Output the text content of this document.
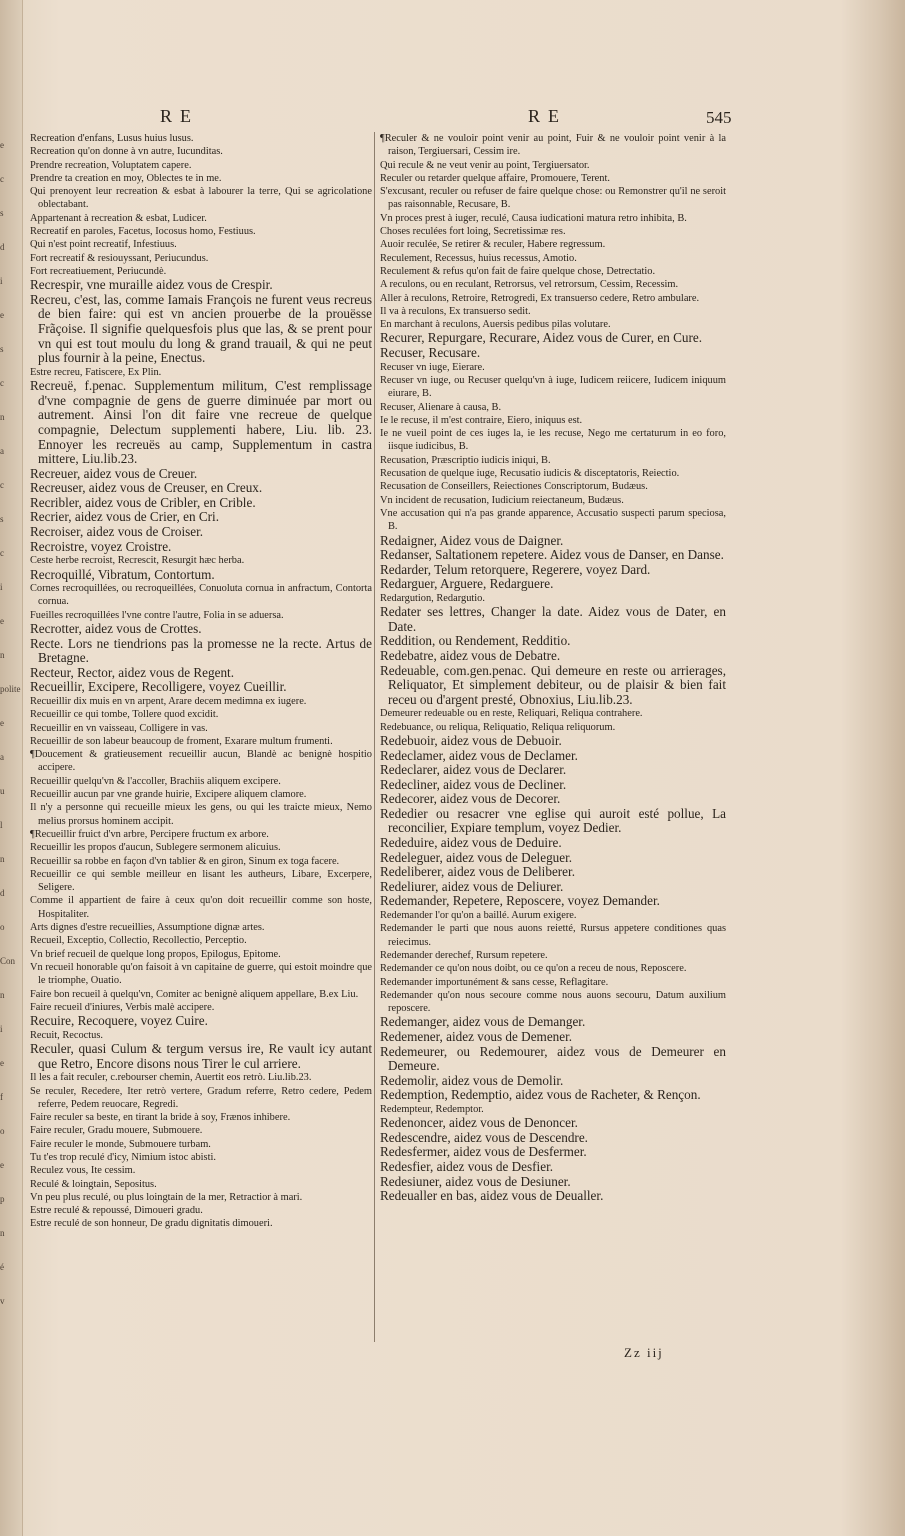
e
c
s
d
i
e
s
c
n
a
c
s
c
i
e
n
polite
e
a
u
l
n
d
o
Con
n
i
e
f
o
e
p
n
é
v
RE	RE	545

Recreation d'enfans, Lusus huius lusus.

Recreation qu'on donne à vn autre, Iucunditas.

Prendre recreation, Voluptatem capere.

Prendre ta creation en moy, Oblectes te in me.

Qui prenoyent leur recreation & esbat à labourer la terre, Qui se agricolatione oblectabant.

Appartenant à recreation & esbat, Ludicer.

Recreatif en paroles, Facetus, Iocosus homo, Festiuus.

Qui n'est point recreatif, Infestiuus.

Fort recreatif & resiouyssant, Periucundus.

Fort recreatiuement, Periucundè.

Recrespir, vne muraille aidez vous de Crespir.

Recreu, c'est, las, comme Iamais François ne furent veus recreus de bien faire: qui est vn ancien prouerbe de la prouësse Frãçoise. Il signifie quelquesfois plus que las, & se prent pour vn qui est tout moulu du long & grand trauail, & qui ne peut plus fournir à la peine, Enectus.

Estre recreu, Fatiscere, Ex Plin.

Recreuë, f.penac. Supplementum militum, C'est remplissage d'vne compagnie de gens de guerre diminuée par mort ou autrement. Ainsi l'on dit faire vne recreue de quelque compagnie, Delectum supplementi habere, Liu. lib. 23. Ennoyer les recreuës au camp, Supplementum in castra mittere, Liu.lib.23.

Recreuer, aidez vous de Creuer.

Recreuser, aidez vous de Creuser, en Creux.

Recribler, aidez vous de Cribler, en Crible.

Recrier, aidez vous de Crier, en Cri.

Recroiser, aidez vous de Croiser.

Recroistre, voyez Croistre.

Ceste herbe recroist, Recrescit, Resurgit hæc herba.

Recroquillé, Vibratum, Contortum.

Cornes recroquillées, ou recroqueillées, Conuoluta cornua in anfractum, Contorta cornua.

Fueilles recroquillées l'vne contre l'autre, Folia in se aduersa.

Recrotter, aidez vous de Crottes.

Recte. Lors ne tiendrions pas la promesse ne la recte. Artus de Bretagne.

Recteur, Rector, aidez vous de Regent.

Recueillir, Excipere, Recolligere, voyez Cueillir.

Recueillir dix muis en vn arpent, Arare decem medimna ex iugere.

Recueillir ce qui tombe, Tollere quod excidit.

Recueillir en vn vaisseau, Colligere in vas.

Recueillir de son labeur beaucoup de froment, Exarare multum frumenti.

¶Doucement & gratieusement recueillir aucun, Blandè ac benignè hospitio accipere.

Recueillir quelqu'vn & l'accoller, Brachiis aliquem excipere.

Recueillir aucun par vne grande huirie, Excipere aliquem clamore.

Il n'y a personne qui recueille mieux les gens, ou qui les traicte mieux, Nemo melius prorsus hominem accipit.

¶Recueillir fruict d'vn arbre, Percipere fructum ex arbore.

Recueillir les propos d'aucun, Sublegere sermonem alicuius.

Recueillir sa robbe en façon d'vn tablier & en giron, Sinum ex toga facere.

Recueillir ce qui semble meilleur en lisant les autheurs, Libare, Excerpere, Seligere.

Comme il appartient de faire à ceux qu'on doit recueillir comme son hoste, Hospitaliter.

Arts dignes d'estre recueillies, Assumptione dignæ artes.

Recueil, Exceptio, Collectio, Recollectio, Perceptio.

Vn brief recueil de quelque long propos, Epilogus, Epitome.

Vn recueil honorable qu'on faisoit à vn capitaine de guerre, qui estoit moindre que le triomphe, Ouatio.

Faire bon recueil à quelqu'vn, Comiter ac benignè aliquem appellare, B.ex Liu.

Faire recueil d'iniures, Verbis malè accipere.

Recuire, Recoquere, voyez Cuire.

Recuit, Recoctus.

Reculer, quasi Culum & tergum versus ire, Re vault icy autant que Retro, Encore disons nous Tirer le cul arriere.

Il les a fait reculer, c.rebourser chemin, Auertit eos retrò. Liu.lib.23.

Se reculer, Recedere, Iter retrò vertere, Gradum referre, Retro cedere, Pedem referre, Pedem reuocare, Regredi.

Faire reculer sa beste, en tirant la bride à soy, Frænos inhibere.

Faire reculer, Gradu mouere, Submouere.

Faire reculer le monde, Submouere turbam.

Tu t'es trop reculé d'icy, Nimium istoc abisti.

Reculez vous, Ite cessim.

Reculé & loingtain, Sepositus.

Vn peu plus reculé, ou plus loingtain de la mer, Retractior à mari.

Estre reculé & repoussé, Dimoueri gradu.

Estre reculé de son honneur, De gradu dignitatis dimoueri.

¶Reculer & ne vouloir point venir au point, Fuir & ne vouloir point venir à la raison, Tergiuersari, Cessim ire.

Qui recule & ne veut venir au point, Tergiuersator.

Reculer ou retarder quelque affaire, Promouere, Terent.

S'excusant, reculer ou refuser de faire quelque chose: ou Remonstrer qu'il ne seroit pas raisonnable, Recusare, B.

Vn proces prest à iuger, reculé, Causa iudicationi matura retro inhibita, B.

Choses reculées fort loing, Secretissimæ res.

Auoir reculée, Se retirer & reculer, Habere regressum.

Reculement, Recessus, huius recessus, Amotio.

Reculement & refus qu'on fait de faire quelque chose, Detrectatio.

A reculons, ou en reculant, Retrorsus, vel retrorsum, Cessim, Recessim.

Aller à reculons, Retroire, Retrogredi, Ex transuerso cedere, Retro ambulare.

Il va à reculons, Ex transuerso sedit.

En marchant à reculons, Auersis pedibus pilas volutare.

Recurer, Repurgare, Recurare, Aidez vous de Curer, en Cure.

Recuser, Recusare.

Recuser vn iuge, Eierare.

Recuser vn iuge, ou Recuser quelqu'vn à iuge, Iudicem reiicere, Iudicem iniquum eiurare, B.

Recuser, Alienare à causa, B.

Ie le recuse, il m'est contraire, Eiero, iniquus est.

Ie ne vueil point de ces iuges la, ie les recuse, Nego me certaturum in eo foro, iisque iudicibus, B.

Recusation, Præscriptio iudicis iniqui, B.

Recusation de quelque iuge, Recusatio iudicis & disceptatoris, Reiectio.

Recusation de Conseillers, Reiectiones Conscriptorum, Budæus.

Vn incident de recusation, Iudicium reiectaneum, Budæus.

Vne accusation qui n'a pas grande apparence, Accusatio suspecti parum speciosa, B.

Redaigner, Aidez vous de Daigner.

Redanser, Saltationem repetere. Aidez vous de Danser, en Danse.

Redarder, Telum retorquere, Regerere, voyez Dard.

Redarguer, Arguere, Redarguere.

Redargution, Redargutio.

Redater ses lettres, Changer la date. Aidez vous de Dater, en Date.

Reddition, ou Rendement, Redditio.

Redebatre, aidez vous de Debatre.

Redeuable, com.gen.penac. Qui demeure en reste ou arrierages, Reliquator, Et simplement debiteur, ou de plaisir & bien fait receu ou d'argent presté, Obnoxius, Liu.lib.23.

Demeurer redeuable ou en reste, Reliquari, Reliqua contrahere.

Redebuance, ou reliqua, Reliquatio, Reliqua reliquorum.

Redebuoir, aidez vous de Debuoir.

Redeclamer, aidez vous de Declamer.

Redeclarer, aidez vous de Declarer.

Redecliner, aidez vous de Decliner.

Redecorer, aidez vous de Decorer.

Rededier ou resacrer vne eglise qui auroit esté pollue, La reconcilier, Expiare templum, voyez Dedier.

Rededuire, aidez vous de Deduire.

Redeleguer, aidez vous de Deleguer.

Redeliberer, aidez vous de Deliberer.

Redeliurer, aidez vous de Deliurer.

Redemander, Repetere, Reposcere, voyez Demander.

Redemander l'or qu'on a baillé. Aurum exigere.

Redemander le parti que nous auons reietté, Rursus appetere conditiones quas reiecimus.

Redemander derechef, Rursum repetere.

Redemander ce qu'on nous doibt, ou ce qu'on a receu de nous, Reposcere.

Redemander importunément & sans cesse, Reflagitare.

Redemander qu'on nous secoure comme nous auons secouru, Datum auxilium reposcere.

Redemanger, aidez vous de Demanger.

Redemener, aidez vous de Demener.

Redemeurer, ou Redemourer, aidez vous de Demeurer en Demeure.

Redemolir, aidez vous de Demolir.

Redemption, Redemptio, aidez vous de Racheter, & Rençon.

Redempteur, Redemptor.

Redenoncer, aidez vous de Denoncer.

Redescendre, aidez vous de Descendre.

Redesfermer, aidez vous de Desfermer.

Redesfier, aidez vous de Desfier.

Redesiuner, aidez vous de Desiuner.

Redeualler en bas, aidez vous de Deualler.

Zz iij
